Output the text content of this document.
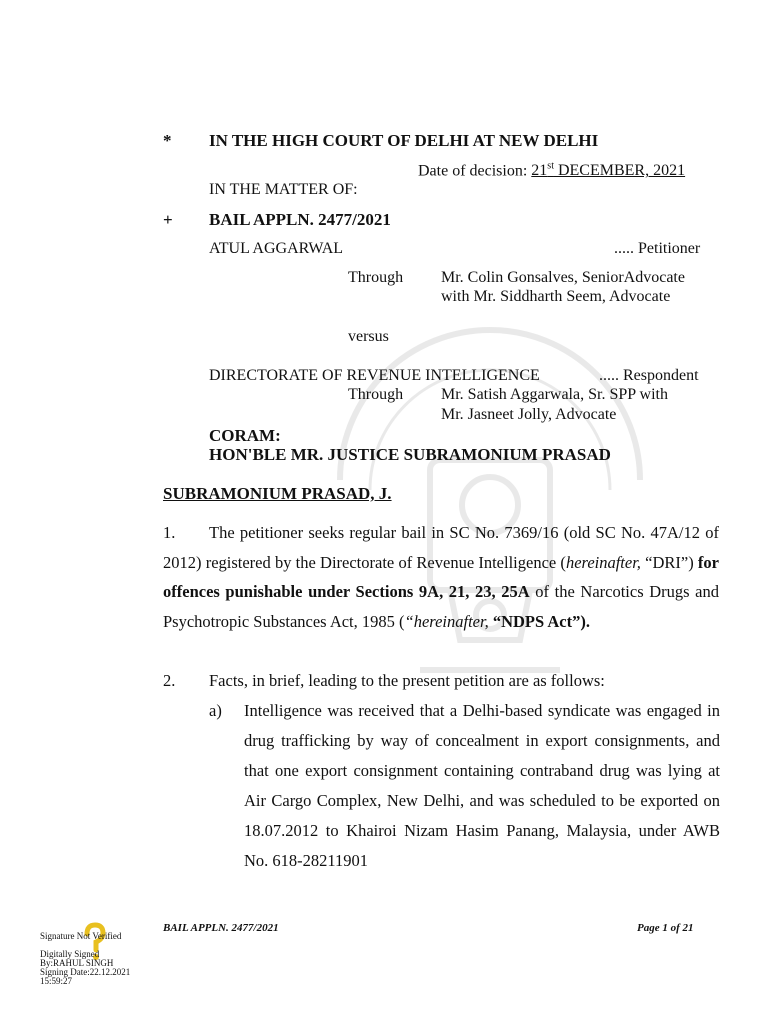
* IN THE HIGH COURT OF DELHI AT NEW DELHI
Date of decision: 21st DECEMBER, 2021
IN THE MATTER OF:
+ BAIL APPLN. 2477/2021
ATUL AGGARWAL	..... Petitioner
Through Mr. Colin Gonsalves, SeniorAdvocate
with Mr. Siddharth Seem, Advocate
versus
DIRECTORATE OF REVENUE INTELLIGENCE	..... Respondent
Through Mr. Satish Aggarwala, Sr. SPP with
Mr. Jasneet Jolly, Advocate
CORAM:
HON'BLE MR. JUSTICE SUBRAMONIUM PRASAD
SUBRAMONIUM PRASAD, J.
1. The petitioner seeks regular bail in SC No. 7369/16 (old SC No. 47A/12 of 2012) registered by the Directorate of Revenue Intelligence (hereinafter, “DRI”) for offences punishable under Sections 9A, 21, 23, 25A of the Narcotics Drugs and Psychotropic Substances Act, 1985 (“hereinafter, “NDPS Act”).
2. Facts, in brief, leading to the present petition are as follows:
a) Intelligence was received that a Delhi-based syndicate was engaged in drug trafficking by way of concealment in export consignments, and that one export consignment containing contraband drug was lying at Air Cargo Complex, New Delhi, and was scheduled to be exported on 18.07.2012 to Khairoi Nizam Hasim Panang, Malaysia, under AWB No. 618-28211901
BAIL APPLN. 2477/2021	Page 1 of 21
Signature Not Verified
Digitally Signed
By:RAHUL SINGH
Signing Date:22.12.2021
15:59:27
